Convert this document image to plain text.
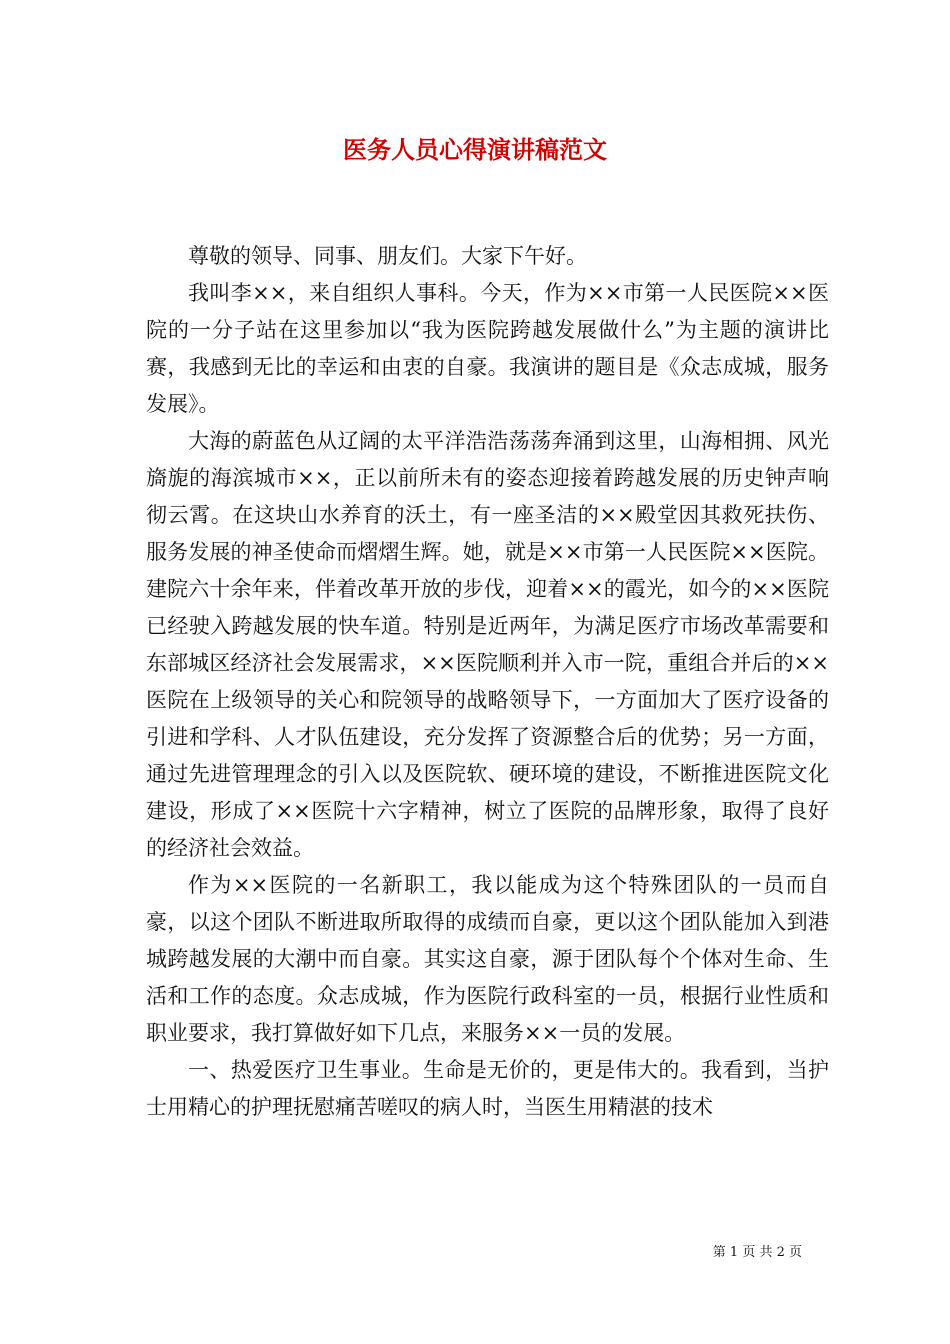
医务人员心得演讲稿范文

尊敬的领导、同事、朋友们。大家下午好。

我叫李××，来自组织人事科。今天，作为××市第一人民医院××医院的一分子站在这里参加以“我为医院跨越发展做什么”为主题的演讲比赛，我感到无比的幸运和由衷的自豪。我演讲的题目是《众志成城，服务发展》。

大海的蔚蓝色从辽阔的太平洋浩浩荡荡奔涌到这里，山海相拥、风光旖旎的海滨城市××，正以前所未有的姿态迎接着跨越发展的历史钟声响彻云霄。在这块山水养育的沃土，有一座圣洁的××殿堂因其救死扶伤、服务发展的神圣使命而熠熠生辉。她，就是××市第一人民医院××医院。建院六十余年来，伴着改革开放的步伐，迎着××的霞光，如今的××医院已经驶入跨越发展的快车道。特别是近两年，为满足医疗市场改革需要和东部城区经济社会发展需求，××医院顺利并入市一院，重组合并后的××医院在上级领导的关心和院领导的战略领导下，一方面加大了医疗设备的引进和学科、人才队伍建设，充分发挥了资源整合后的优势；另一方面，通过先进管理理念的引入以及医院软、硬环境的建设，不断推进医院文化建设，形成了××医院十六字精神，树立了医院的品牌形象，取得了良好的经济社会效益。

作为××医院的一名新职工，我以能成为这个特殊团队的一员而自豪，以这个团队不断进取所取得的成绩而自豪，更以这个团队能加入到港城跨越发展的大潮中而自豪。其实这自豪，源于团队每个个体对生命、生活和工作的态度。众志成城，作为医院行政科室的一员，根据行业性质和职业要求，我打算做好如下几点，来服务××一员的发展。

一、热爱医疗卫生事业。生命是无价的，更是伟大的。我看到，当护士用精心的护理抚慰痛苦嗟叹的病人时，当医生用精湛的技术

第 1 页 共 2 页
